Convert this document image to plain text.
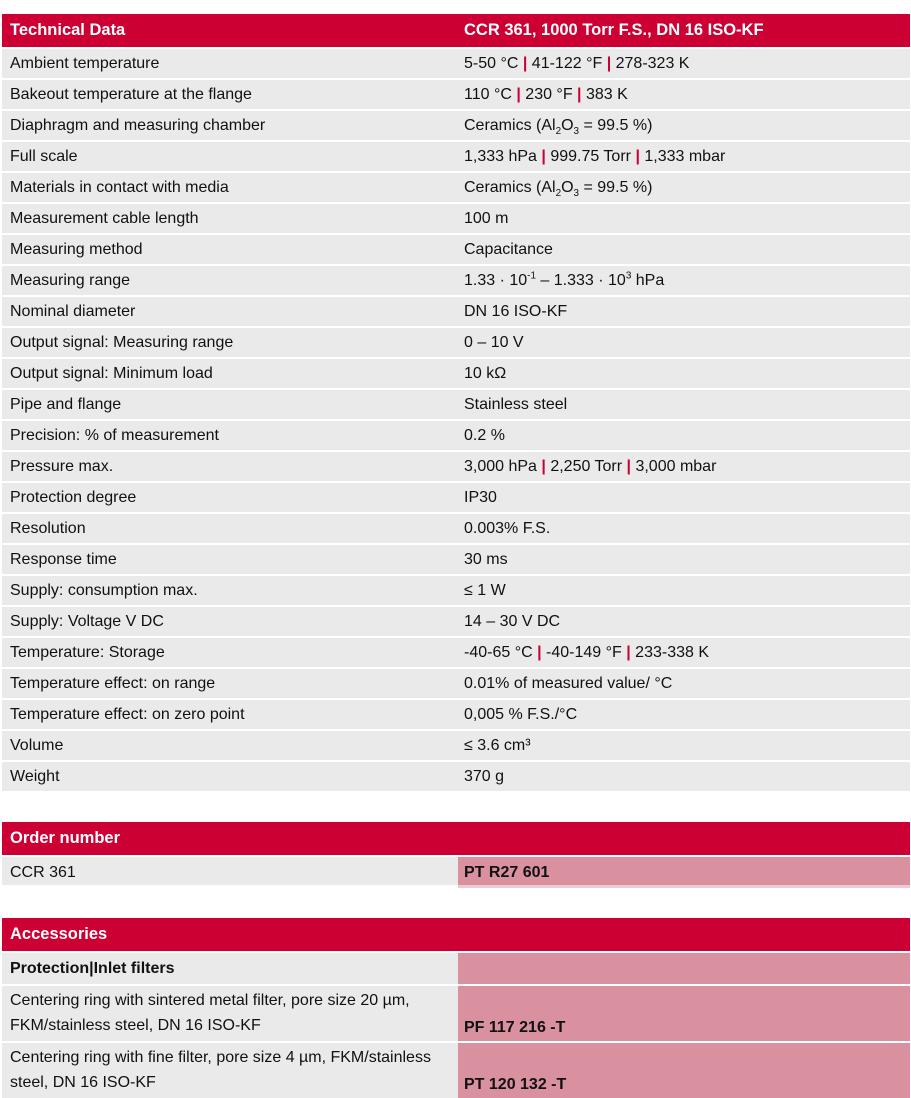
Technical Data	CCR 361, 1000 Torr F.S., DN 16 ISO-KF
Ambient temperature	5-50 °C | 41-122 °F | 278-323 K
Bakeout temperature at the flange	110 °C | 230 °F | 383 K
Diaphragm and measuring chamber	Ceramics ($Al_2O_3 = 99.5$ %)
Full scale	1,333 hPa | 999.75 Torr | 1,333 mbar
Materials in contact with media	Ceramics ($Al_2O_3 = 99.5$ %)
Measurement cable length	100 m
Measuring method	Capacitance
Measuring range	$1.33 \cdot 10^{-1} - 1.333 \cdot 10^3$ hPa
Nominal diameter	DN 16 ISO-KF
Output signal: Measuring range	0 – 10 V
Output signal: Minimum load	10 kΩ
Pipe and flange	Stainless steel
Precision: % of measurement	0.2 %
Pressure max.	3,000 hPa | 2,250 Torr | 3,000 mbar
Protection degree	IP30
Resolution	0.003% F.S.
Response time	30 ms
Supply: consumption max.	≤ 1 W
Supply: Voltage V DC	14 – 30 V DC
Temperature: Storage	-40-65 °C | -40-149 °F | 233-338 K
Temperature effect: on range	0.01% of measured value/ °C
Temperature effect: on zero point	0,005 % F.S./°C
Volume	≤ 3.6 cm³
Weight	370 g
Order number
CCR 361	PT R27 601
Accessories
Protection|Inlet filters
Centering ring with sintered metal filter, pore size 20 µm, FKM/stainless steel, DN 16 ISO-KF	PF 117 216 -T
Centering ring with fine filter, pore size 4 µm, FKM/stainless steel, DN 16 ISO-KF	PT 120 132 -T
